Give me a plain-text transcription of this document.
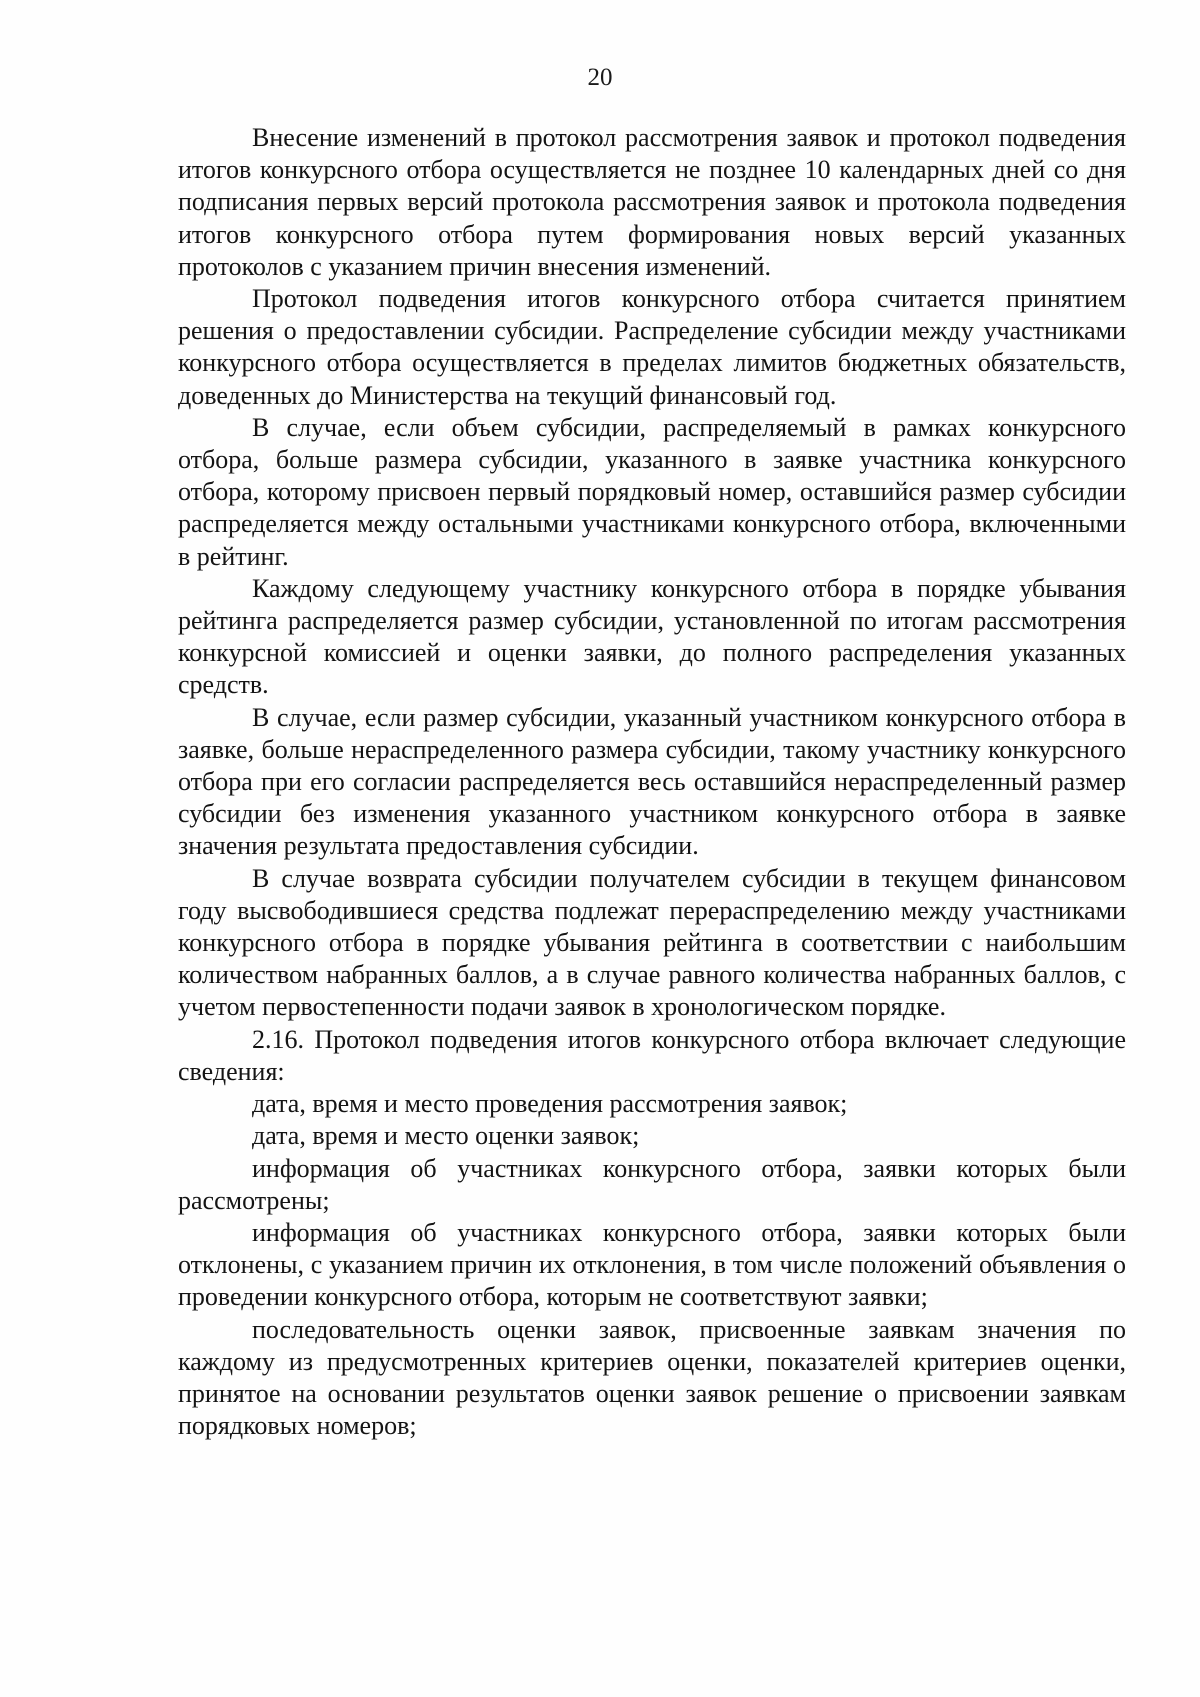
20

Внесение изменений в протокол рассмотрения заявок и протокол подведения итогов конкурсного отбора осуществляется не позднее 10 календарных дней со дня подписания первых версий протокола рассмотрения заявок и протокола подведения итогов конкурсного отбора путем формирования новых версий указанных протоколов с указанием причин внесения изменений.

Протокол подведения итогов конкурсного отбора считается принятием решения о предоставлении субсидии. Распределение субсидии между участниками конкурсного отбора осуществляется в пределах лимитов бюджетных обязательств, доведенных до Министерства на текущий финансовый год.

В случае, если объем субсидии, распределяемый в рамках конкурсного отбора, больше размера субсидии, указанного в заявке участника конкурсного отбора, которому присвоен первый порядковый номер, оставшийся размер субсидии распределяется между остальными участниками конкурсного отбора, включенными в рейтинг.

Каждому следующему участнику конкурсного отбора в порядке убывания рейтинга распределяется размер субсидии, установленной по итогам рассмотрения конкурсной комиссией и оценки заявки, до полного распределения указанных средств.

В случае, если размер субсидии, указанный участником конкурсного отбора в заявке, больше нераспределенного размера субсидии, такому участнику конкурсного отбора при его согласии распределяется весь оставшийся нераспределенный размер субсидии без изменения указанного участником конкурсного отбора в заявке значения результата предоставления субсидии.

В случае возврата субсидии получателем субсидии в текущем финансовом году высвободившиеся средства подлежат перераспределению между участниками конкурсного отбора в порядке убывания рейтинга в соответствии с наибольшим количеством набранных баллов, а в случае равного количества набранных баллов, с учетом первостепенности подачи заявок в хронологическом порядке.

2.16. Протокол подведения итогов конкурсного отбора включает следующие сведения:

дата, время и место проведения рассмотрения заявок;

дата, время и место оценки заявок;

информация об участниках конкурсного отбора, заявки которых были рассмотрены;

информация об участниках конкурсного отбора, заявки которых были отклонены, с указанием причин их отклонения, в том числе положений объявления о проведении конкурсного отбора, которым не соответствуют заявки;

последовательность оценки заявок, присвоенные заявкам значения по каждому из предусмотренных критериев оценки, показателей критериев оценки, принятое на основании результатов оценки заявок решение о присвоении заявкам порядковых номеров;
